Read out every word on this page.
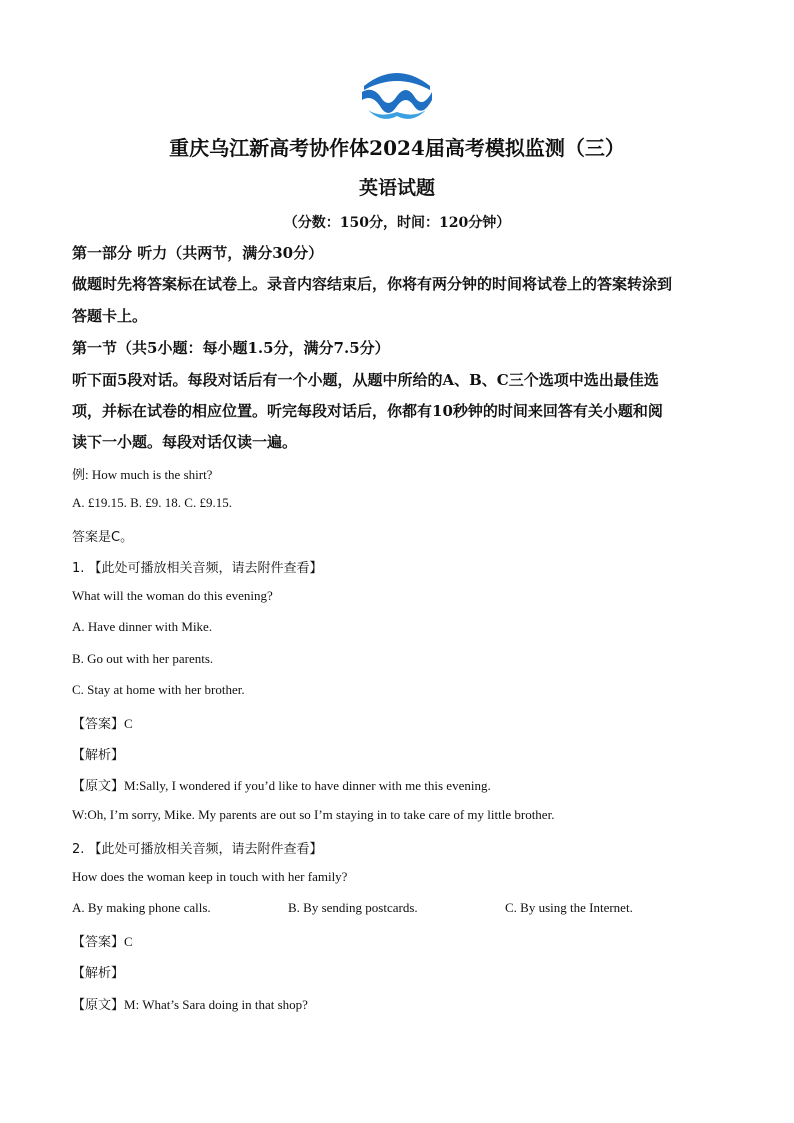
重庆乌江新高考协作体2024届高考模拟监测（三）
英语试题
（分数：150分，时间：120分钟）
第一部分 听力（共两节，满分30分）
做题时先将答案标在试卷上。录音内容结束后，你将有两分钟的时间将试卷上的答案转涂到
答题卡上。
第一节（共5小题：每小题1.5分，满分7.5分）
听下面5段对话。每段对话后有一个小题，从题中所给的A、B、C三个选项中选出最佳选
项，并标在试卷的相应位置。听完每段对话后，你都有10秒钟的时间来回答有关小题和阅
读下一小题。每段对话仅读一遍。
例: How much is the shirt?
A. £19.15. B. £9. 18. C. £9.15.
答案是C。
1. 【此处可播放相关音频，请去附件查看】
What will the woman do this evening?
A. Have dinner with Mike.
B. Go out with her parents.
C. Stay at home with her brother.
【答案】C
【解析】
【原文】M:Sally, I wondered if you’d like to have dinner with me this evening.
W:Oh, I’m sorry, Mike. My parents are out so I’m staying in to take care of my little brother.
2. 【此处可播放相关音频，请去附件查看】
How does the woman keep in touch with her family?
A. By making phone calls.	B. By sending postcards.	C. By using the Internet.
【答案】C
【解析】
【原文】M: What’s Sara doing in that shop?
